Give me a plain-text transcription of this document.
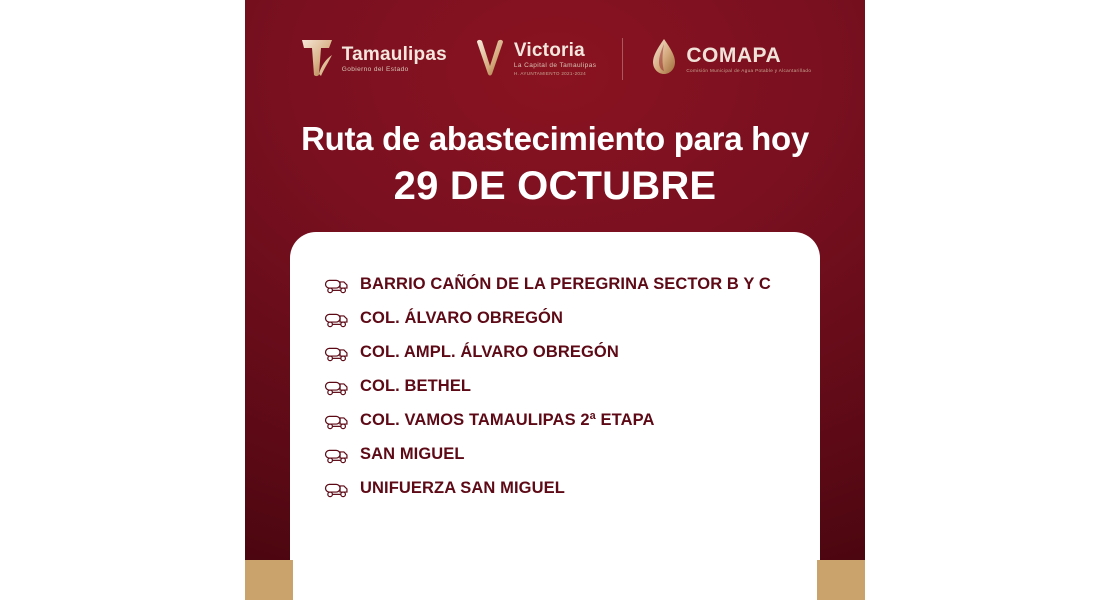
Tamaulipas
Gobierno del Estado
Victoria
La Capital de Tamaulipas
H. AYUNTAMIENTO 2021-2024
COMAPA
Comisión Municipal de Agua Potable y Alcantarillado
Ruta de abastecimiento para hoy
29 DE OCTUBRE
BARRIO CAÑÓN DE LA PEREGRINA SECTOR B Y C
COL. ÁLVARO OBREGÓN
COL. AMPL. ÁLVARO OBREGÓN
COL. BETHEL
COL. VAMOS TAMAULIPAS 2ª ETAPA
SAN MIGUEL
UNIFUERZA SAN MIGUEL
